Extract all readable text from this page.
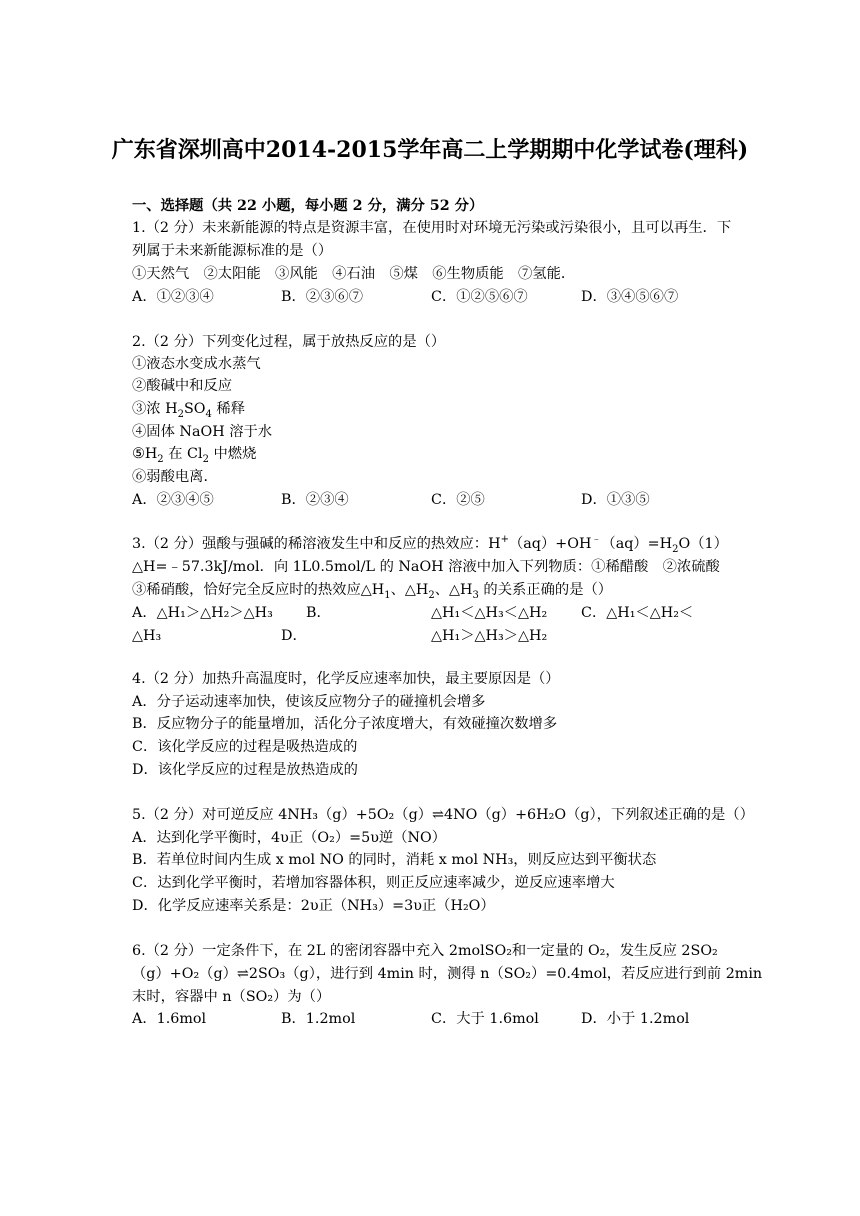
广东省深圳高中2014-2015学年高二上学期期中化学试卷(理科)
一、选择题（共 22 小题，每小题 2 分，满分 52 分）
1.（2 分）未来新能源的特点是资源丰富，在使用时对环境无污染或污染很小，且可以再生．下
列属于未来新能源标准的是（）
①天然气　②太阳能　③风能　④石油　⑤煤　⑥生物质能　⑦氢能．
A．①②③④	B．②③⑥⑦	C．①②⑤⑥⑦	D．③④⑤⑥⑦
2.（2 分）下列变化过程，属于放热反应的是（）
①液态水变成水蒸气
②酸碱中和反应
③浓 $H_2SO_4$ 稀释
④固体 NaOH 溶于水
$⑤H_2$ 在 $Cl_2$ 中燃烧
⑥弱酸电离．
A．②③④⑤	B．②③④	C．②⑤	D．①③⑤
3.（2 分）强酸与强碱的稀溶液发生中和反应的热效应：$H^+(aq)+OH^﹣(aq)=H_2O(1)$
△H=﹣57.3kJ/mol．向 1L0.5mol/L 的 NaOH 溶液中加入下列物质：①稀醋酸　②浓硫酸
③稀硝酸，恰好完全反应时的热效应$\triangle H_1$、$\triangle H_2$、$\triangle H_3$ 的关系正确的是（）
A．△H₁＞△H₂＞△H₃ B．	△H₁＜△H₃＜△H₂ C．△H₁＜△H₂＜
△H₃	D．	△H₁＞△H₃＞△H₂
4.（2 分）加热升高温度时，化学反应速率加快，最主要原因是（）
A．分子运动速率加快，使该反应物分子的碰撞机会增多
B．反应物分子的能量增加，活化分子浓度增大，有效碰撞次数增多
C．该化学反应的过程是吸热造成的
D．该化学反应的过程是放热造成的
5.（2 分）对可逆反应 4NH₃（g）+5O₂（g）⇌4NO（g）+6H₂O（g），下列叙述正确的是（）
A．达到化学平衡时，4υ正（O₂）=5υ逆（NO）
B．若单位时间内生成 x mol NO 的同时，消耗 x mol NH₃，则反应达到平衡状态
C．达到化学平衡时，若增加容器体积，则正反应速率减少，逆反应速率增大
D．化学反应速率关系是：2υ正（NH₃）=3υ正（H₂O）
6.（2 分）一定条件下，在 2L 的密闭容器中充入 2molSO₂和一定量的 O₂，发生反应 2SO₂
（g）+O₂（g）⇌2SO₃（g），进行到 4min 时，测得 n（SO₂）=0.4mol，若反应进行到前 2min
末时，容器中 n（SO₂）为（）
A．1.6mol	B．1.2mol	C．大于 1.6mol	D．小于 1.2mol
